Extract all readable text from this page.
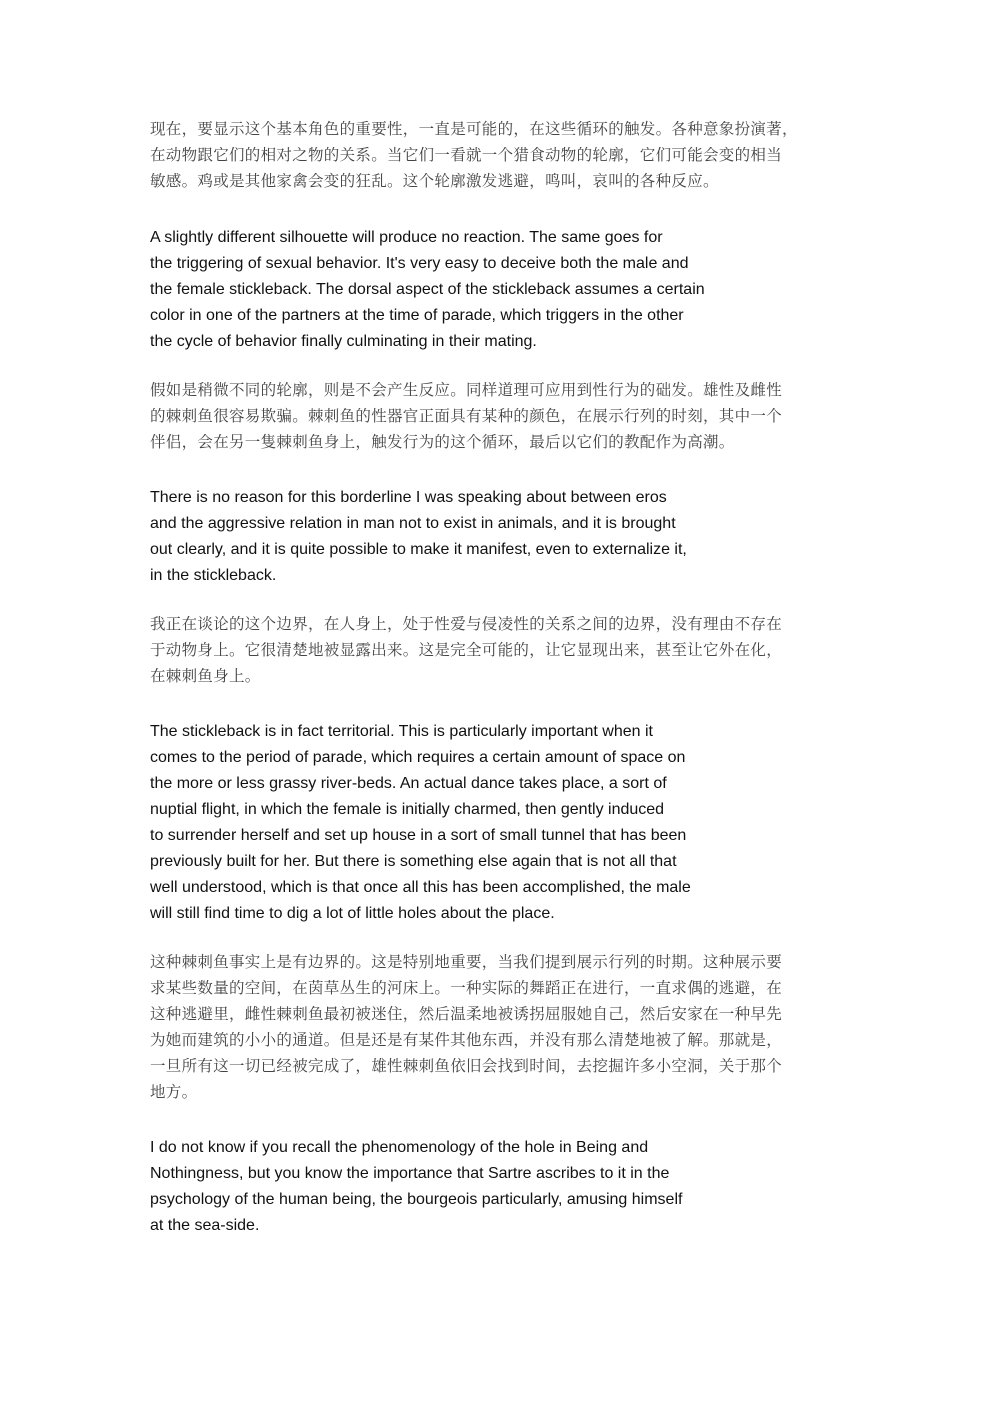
现在，要显示这个基本角色的重要性，一直是可能的，在这些循环的触发。各种意象扮演著，
在动物跟它们的相对之物的关系。当它们一看就一个猎食动物的轮廓，它们可能会变的相当
敏感。鸡或是其他家禽会变的狂乱。这个轮廓激发逃避，鸣叫，哀叫的各种反应。
A slightly different silhouette will produce no reaction. The same goes for
the triggering of sexual behavior. It's very easy to deceive both the male and
the female stickleback. The dorsal aspect of the stickleback assumes a certain
color in one of the partners at the time of parade, which triggers in the other
the cycle of behavior finally culminating in their mating.
假如是稍微不同的轮廓，则是不会产生反应。同样道理可应用到性行为的础发。雄性及雌性
的棘刺鱼很容易欺骗。棘刺鱼的性器官正面具有某种的颜色，在展示行列的时刻，其中一个
伴侣，会在另一隻棘刺鱼身上，触发行为的这个循环，最后以它们的教配作为高潮。
There is no reason for this borderline I was speaking about between eros
and the aggressive relation in man not to exist in animals, and it is brought
out clearly, and it is quite possible to make it manifest, even to externalize it,
in the stickleback.
我正在谈论的这个边界，在人身上，处于性爱与侵凌性的关系之间的边界，没有理由不存在
于动物身上。它很清楚地被显露出来。这是完全可能的，让它显现出来，甚至让它外在化，
在棘刺鱼身上。
The stickleback is in fact territorial. This is particularly important when it
comes to the period of parade, which requires a certain amount of space on
the more or less grassy river-beds. An actual dance takes place, a sort of
nuptial flight, in which the female is initially charmed, then gently induced
to surrender herself and set up house in a sort of small tunnel that has been
previously built for her. But there is something else again that is not all that
well understood, which is that once all this has been accomplished, the male
will still find time to dig a lot of little holes about the place.
这种棘刺鱼事实上是有边界的。这是特别地重要，当我们提到展示行列的时期。这种展示要
求某些数量的空间，在茵草丛生的河床上。一种实际的舞蹈正在进行，一直求偶的逃避，在
这种逃避里，雌性棘刺鱼最初被迷住，然后温柔地被诱拐屈服她自己，然后安家在一种早先
为她而建筑的小小的通道。但是还是有某件其他东西，并没有那么清楚地被了解。那就是，
一旦所有这一切已经被完成了，雄性棘刺鱼依旧会找到时间，去挖掘许多小空洞，关于那个
地方。
I do not know if you recall the phenomenology of the hole in Being and
Nothingness, but you know the importance that Sartre ascribes to it in the
psychology of the human being, the bourgeois particularly, amusing himself
at the sea-side.
